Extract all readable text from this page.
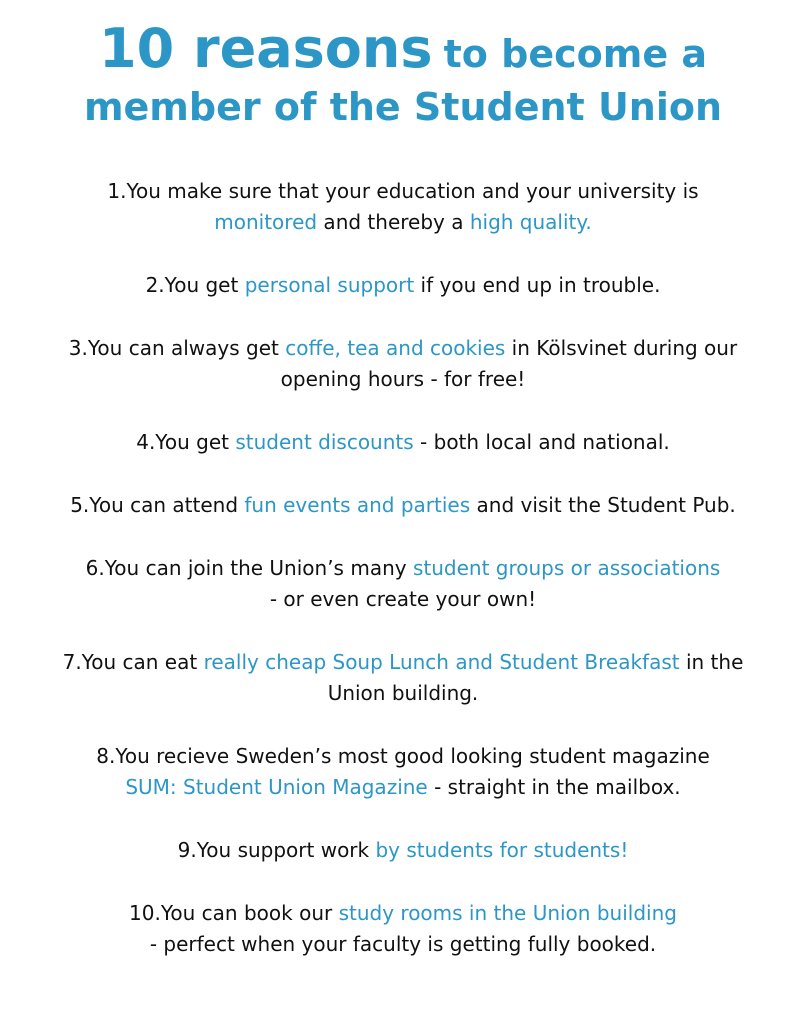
10 reasons to become a
member of the Student Union
1.You make sure that your education and your university is
monitored and thereby a high quality.
2.You get personal support if you end up in trouble.
3.You can always get coffe, tea and cookies in Kölsvinet during our
opening hours - for free!
4.You get student discounts - both local and national.
5.You can attend fun events and parties and visit the Student Pub.
6.You can join the Union’s many student groups or associations
- or even create your own!
7.You can eat really cheap Soup Lunch and Student Breakfast in the
Union building.
8.You recieve Sweden’s most good looking student magazine
SUM: Student Union Magazine - straight in the mailbox.
9.You support work by students for students!
10.You can book our study rooms in the Union building
- perfect when your faculty is getting fully booked.
